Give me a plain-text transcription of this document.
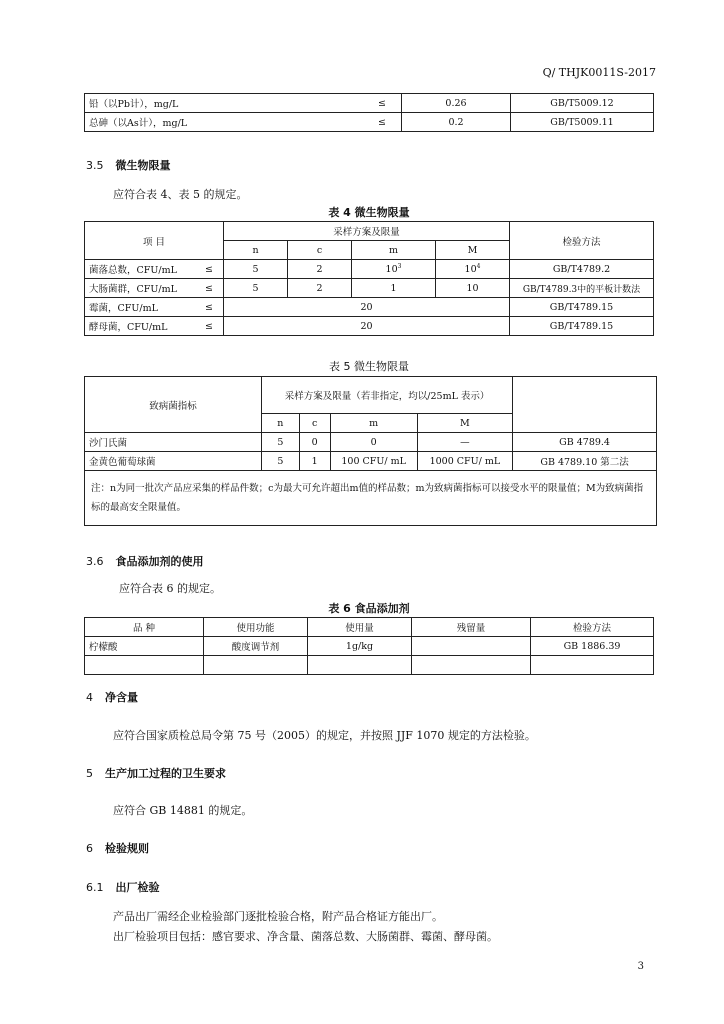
Q/ THJK0011S-2017
铅（以Pb计），mg/L	≤	0.26	GB/T5009.12
总砷（以As计），mg/L	≤	0.2	GB/T5009.11
3.5 微生物限量
应符合表 4、表 5 的规定。
表 4 微生物限量
项 目		采样方案及限量				检验方法
		n	c	m	M	
菌落总数，CFU/mL	≤	5	2	$10^3$	$10^4$	GB/T4789.2
大肠菌群，CFU/mL	≤	5	2	1	10	GB/T4789.3中的平板计数法
霉菌，CFU/mL	≤	20				GB/T4789.15
酵母菌，CFU/mL	≤	20				GB/T4789.15
表 5 微生物限量
致病菌指标	采样方案及限量（若非指定，均以/25mL 表示）				
	n	c	m	M	
沙门氏菌	5	0	0	—	GB 4789.4
金黄色葡萄球菌	5	1	100 CFU/ mL	1000 CFU/ mL	GB 4789.10 第二法
注：n为同一批次产品应采集的样品件数；c为最大可允许超出m值的样品数；m为致病菌指标可以接受水平的限量值；M为致病菌指标的最高安全限量值。					
3.6 食品添加剂的使用
应符合表 6 的规定。
表 6 食品添加剂
品 种	使用功能	使用量	残留量	检验方法
柠檬酸	酸度调节剂	1g/kg		GB 1886.39

4 净含量
应符合国家质检总局令第 75 号（2005）的规定，并按照 JJF 1070 规定的方法检验。
5 生产加工过程的卫生要求
应符合 GB 14881 的规定。
6 检验规则
6.1 出厂检验
产品出厂需经企业检验部门逐批检验合格，附产品合格证方能出厂。
出厂检验项目包括：感官要求、净含量、菌落总数、大肠菌群、霉菌、酵母菌。
3
